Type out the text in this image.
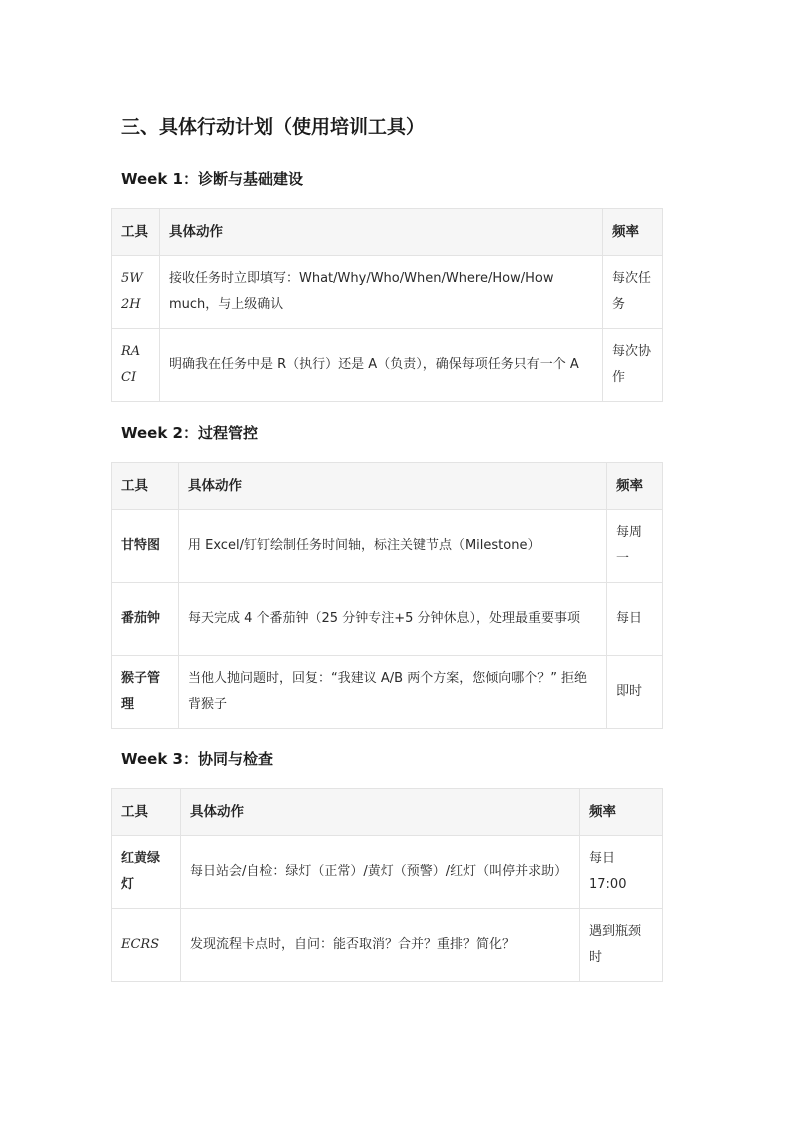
三、具体行动计划（使用培训工具）
Week 1：诊断与基础建设
工具	具体动作	频率
5W2H	接收任务时立即填写：What/Why/Who/When/Where/How/How much，与上级确认	每次任务
RACI	明确我在任务中是 R（执行）还是 A（负责），确保每项任务只有一个 A	每次协作
Week 2：过程管控
工具	具体动作	频率
甘特图	用 Excel/钉钉绘制任务时间轴，标注关键节点（Milestone）	每周一
番茄钟	每天完成 4 个番茄钟（25 分钟专注+5 分钟休息），处理最重要事项	每日
猴子管理	当他人抛问题时，回复：“我建议 A/B 两个方案，您倾向哪个？” 拒绝背猴子	即时
Week 3：协同与检查
工具	具体动作	频率
红黄绿灯	每日站会/自检：绿灯（正常）/黄灯（预警）/红灯（叫停并求助）	每日 17:00
ECRS	发现流程卡点时，自问：能否取消？合并？重排？简化？	遇到瓶颈时
